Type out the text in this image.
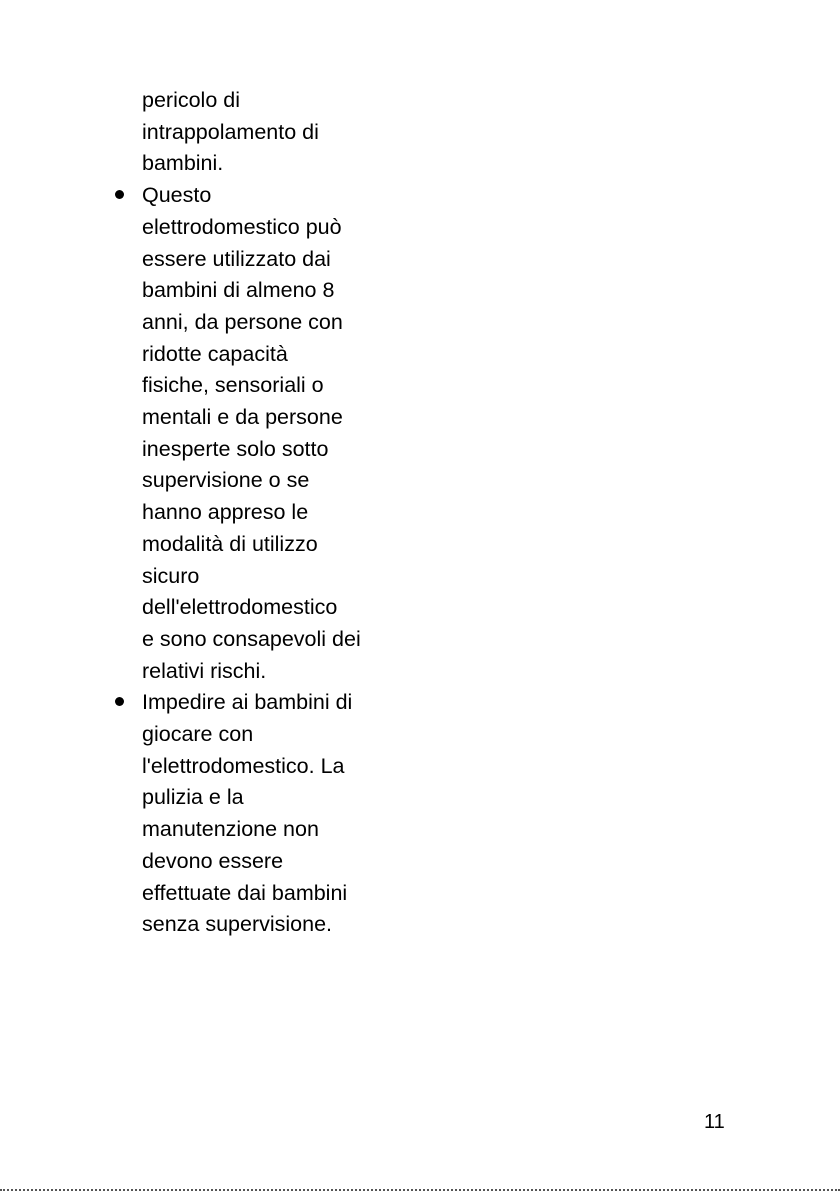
pericolo di
intrappolamento di
bambini.
Questo
elettrodomestico può
essere utilizzato dai
bambini di almeno 8
anni, da persone con
ridotte capacità
fisiche, sensoriali o
mentali e da persone
inesperte solo sotto
supervisione o se
hanno appreso le
modalità di utilizzo
sicuro
dell'elettrodomestico
e sono consapevoli dei
relativi rischi.
Impedire ai bambini di
giocare con
l'elettrodomestico. La
pulizia e la
manutenzione non
devono essere
effettuate dai bambini
senza supervisione.
11
